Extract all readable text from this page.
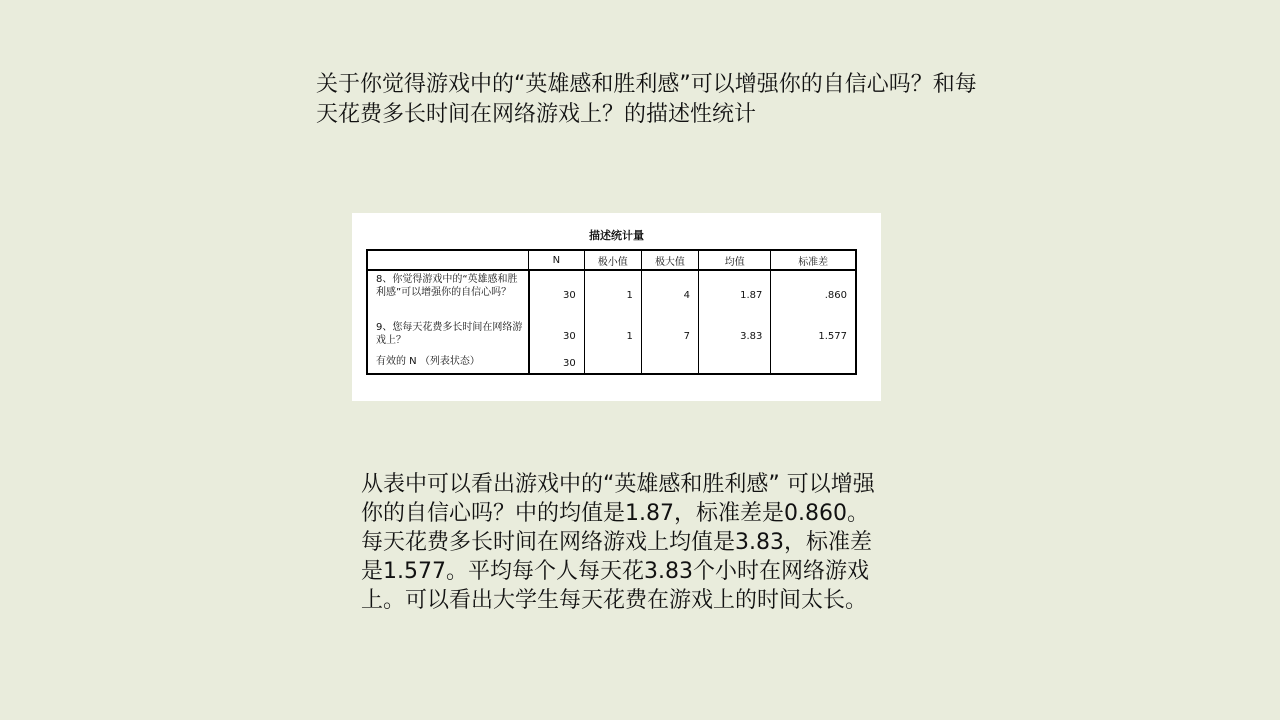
关于你觉得游戏中的“英雄感和胜利感”可以增强你的自信心吗？和每天花费多长时间在网络游戏上？的描述性统计
描述统计量
	N	极小值	极大值	均值	标准差
8、你觉得游戏中的“英雄感和胜利感”可以增强你的自信心吗？	30	1	4	1.87	.860
9、您每天花费多长时间在网络游戏上？	30	1	7	3.83	1.577
有效的 N （列表状态）	30				

从表中可以看出游戏中的“英雄感和胜利感” 可以增强你的自信心吗？中的均值是1.87，标准差是0.860。每天花费多长时间在网络游戏上均值是3.83，标准差是1.577。平均每个人每天花3.83个小时在网络游戏上。可以看出大学生每天花费在游戏上的时间太长。
